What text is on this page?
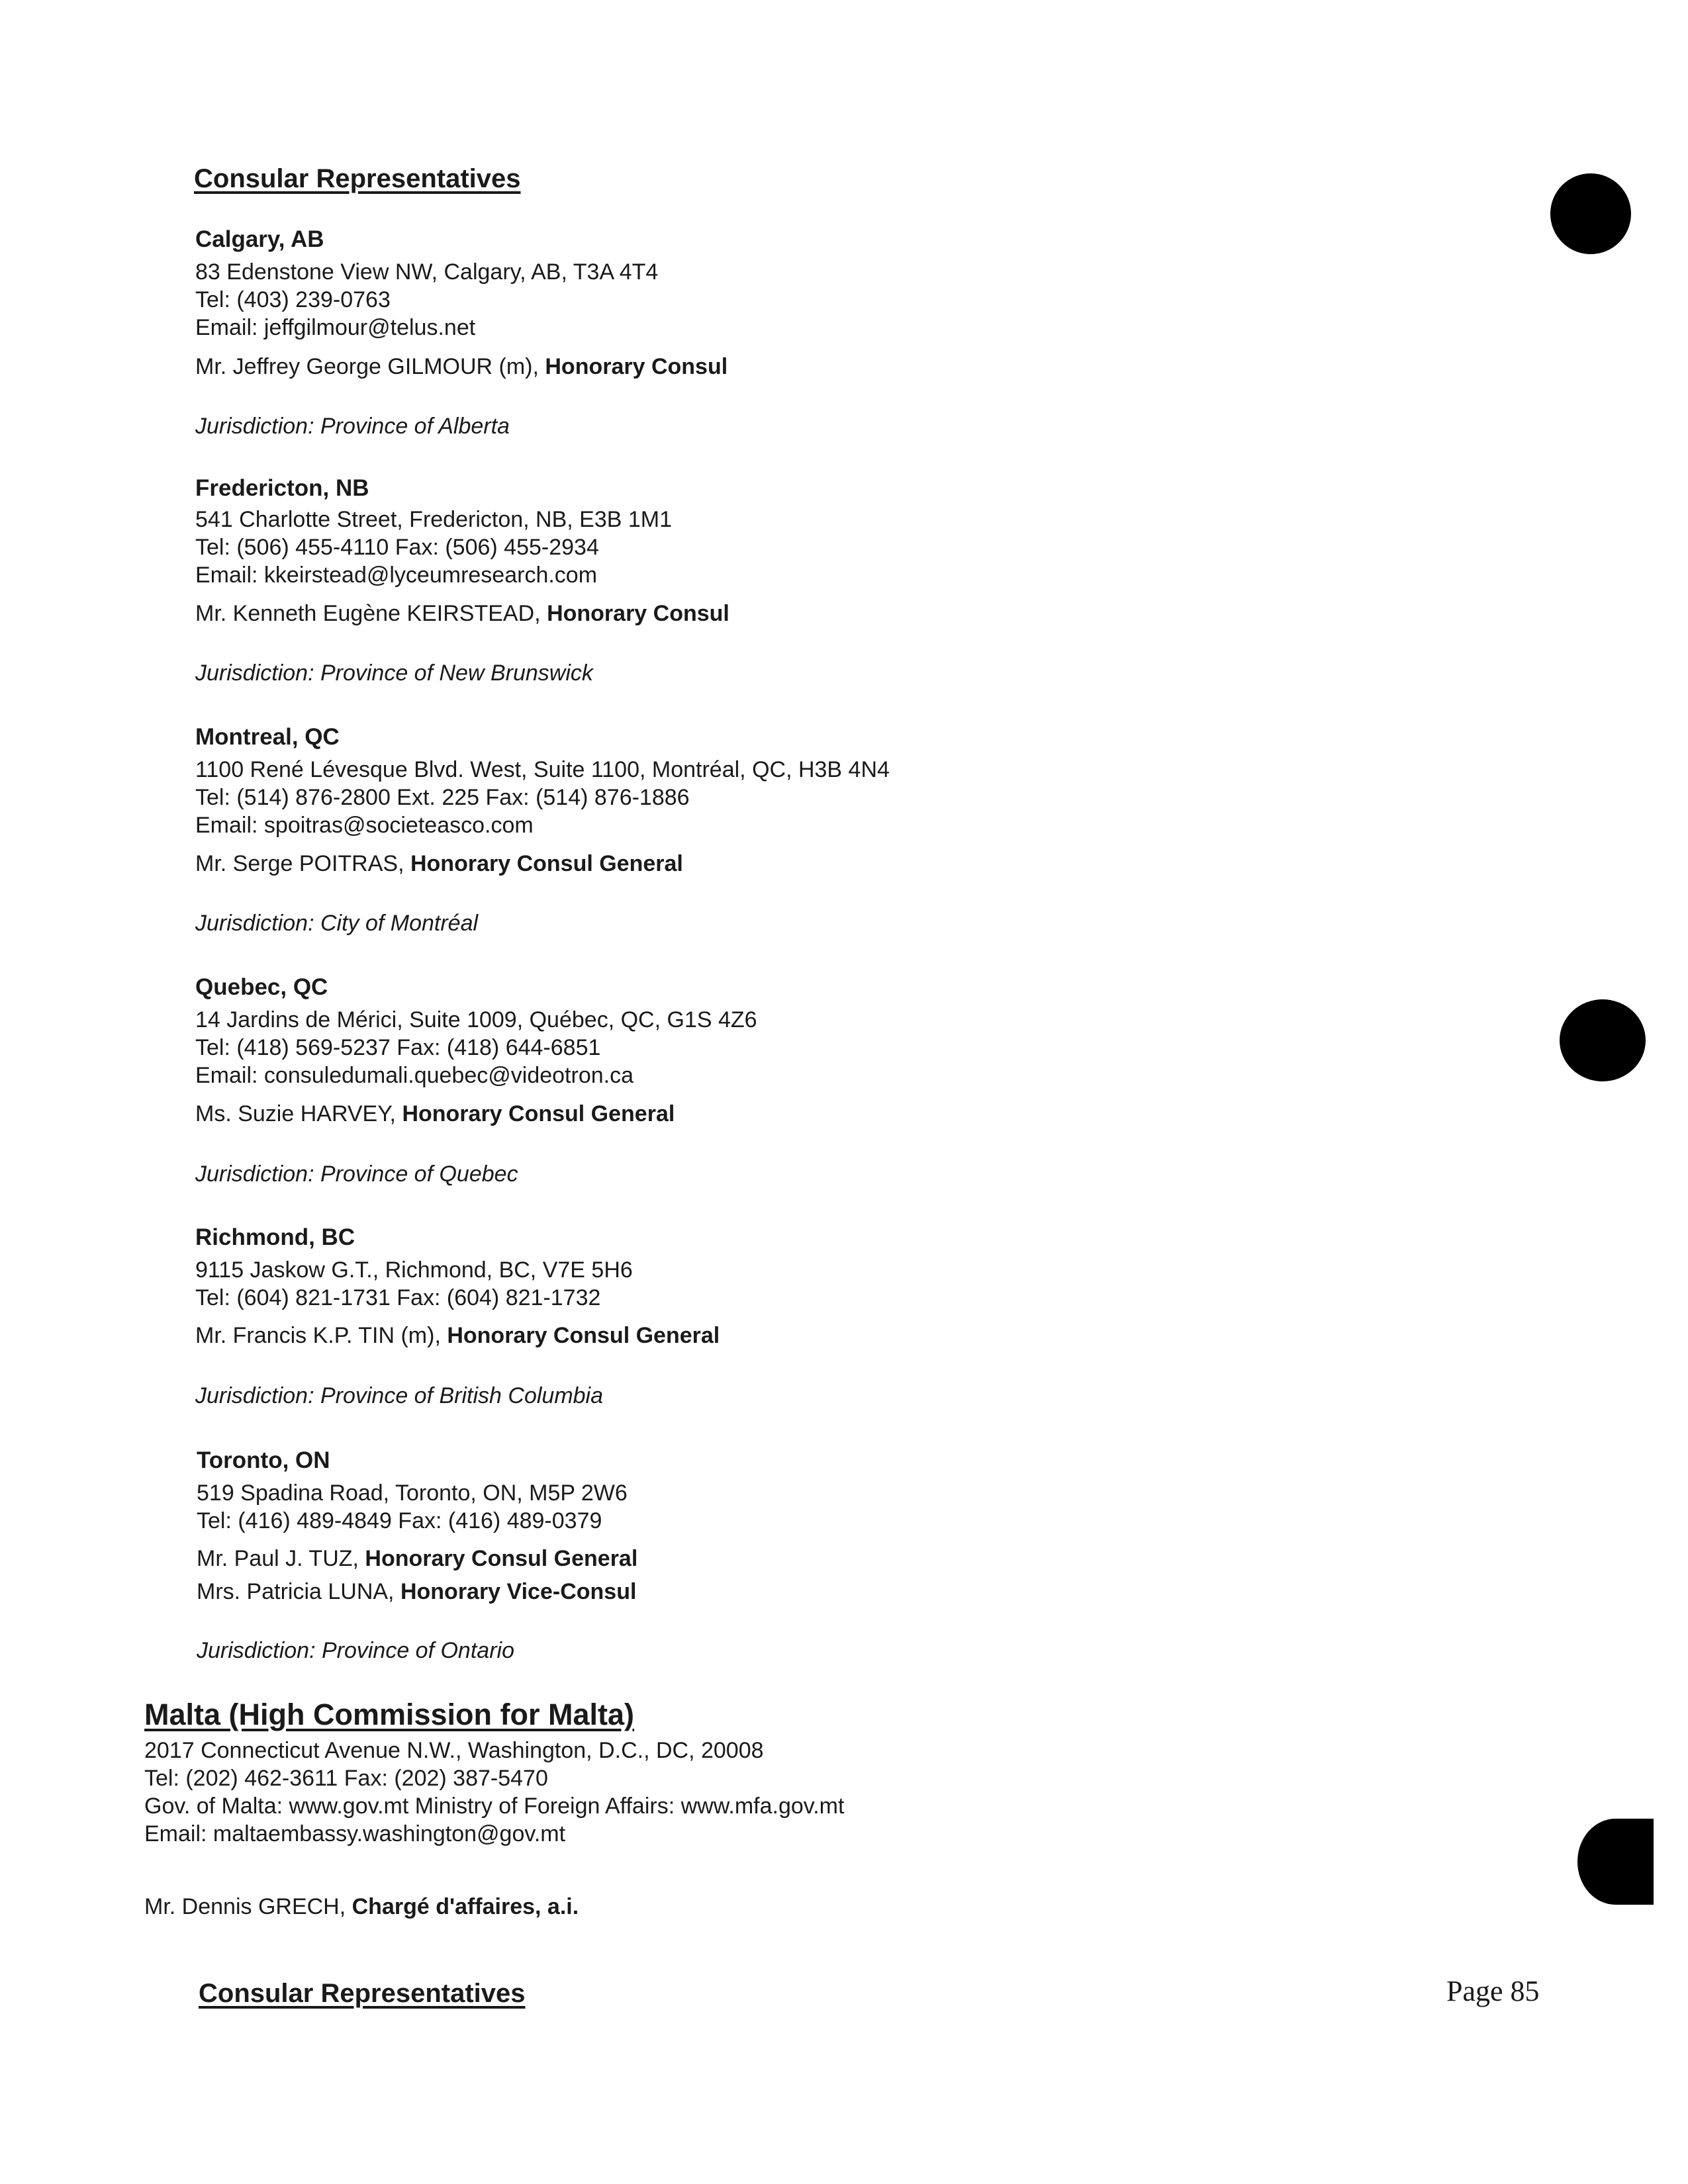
Consular Representatives
Calgary, AB
83 Edenstone View NW, Calgary, AB, T3A 4T4
Tel: (403) 239-0763
Email: jeffgilmour@telus.net
Mr. Jeffrey George GILMOUR (m), Honorary Consul
Jurisdiction: Province of Alberta
Fredericton, NB
541 Charlotte Street, Fredericton, NB, E3B 1M1
Tel: (506) 455-4110 Fax: (506) 455-2934
Email: kkeirstead@lyceumresearch.com
Mr. Kenneth Eugène KEIRSTEAD, Honorary Consul
Jurisdiction: Province of New Brunswick
Montreal, QC
1100 René Lévesque Blvd. West, Suite 1100, Montréal, QC, H3B 4N4
Tel: (514) 876-2800 Ext. 225 Fax: (514) 876-1886
Email: spoitras@societeasco.com
Mr. Serge POITRAS, Honorary Consul General
Jurisdiction: City of Montréal
Quebec, QC
14 Jardins de Mérici, Suite 1009, Québec, QC, G1S 4Z6
Tel: (418) 569-5237 Fax: (418) 644-6851
Email: consuledumali.quebec@videotron.ca
Ms. Suzie HARVEY, Honorary Consul General
Jurisdiction: Province of Quebec
Richmond, BC
9115 Jaskow G.T., Richmond, BC, V7E 5H6
Tel: (604) 821-1731 Fax: (604) 821-1732
Mr. Francis K.P. TIN (m), Honorary Consul General
Jurisdiction: Province of British Columbia
Toronto, ON
519 Spadina Road, Toronto, ON, M5P 2W6
Tel: (416) 489-4849 Fax: (416) 489-0379
Mr. Paul J. TUZ, Honorary Consul General
Mrs. Patricia LUNA, Honorary Vice-Consul
Jurisdiction: Province of Ontario
Malta (High Commission for Malta)
2017 Connecticut Avenue N.W., Washington, D.C., DC, 20008
Tel: (202) 462-3611 Fax: (202) 387-5470
Gov. of Malta: www.gov.mt Ministry of Foreign Affairs: www.mfa.gov.mt
Email: maltaembassy.washington@gov.mt
Mr. Dennis GRECH, Chargé d'affaires, a.i.
Consular Representatives	Page 85
